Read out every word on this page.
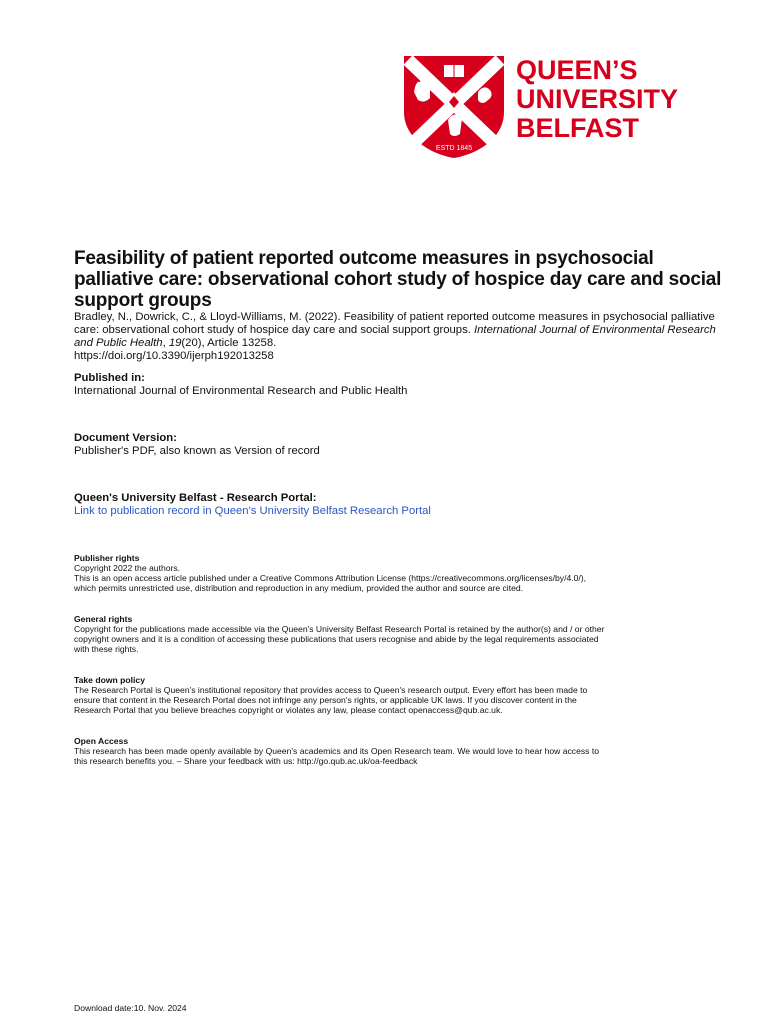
ESTD 1845
QUEEN’S
UNIVERSITY
BELFAST
Feasibility of patient reported outcome measures in psychosocial palliative care: observational cohort study of hospice day care and social support groups
Bradley, N., Dowrick, C., & Lloyd-Williams, M. (2022). Feasibility of patient reported outcome measures in psychosocial palliative care: observational cohort study of hospice day care and social support groups. International Journal of Environmental Research and Public Health, 19(20), Article 13258.
https://doi.org/10.3390/ijerph192013258
Published in:
International Journal of Environmental Research and Public Health
Document Version:
Publisher's PDF, also known as Version of record
Queen's University Belfast - Research Portal:
Link to publication record in Queen's University Belfast Research Portal
Publisher rights
Copyright 2022 the authors.
This is an open access article published under a Creative Commons Attribution License (https://creativecommons.org/licenses/by/4.0/),
which permits unrestricted use, distribution and reproduction in any medium, provided the author and source are cited.
General rights
Copyright for the publications made accessible via the Queen's University Belfast Research Portal is retained by the author(s) and / or other
copyright owners and it is a condition of accessing these publications that users recognise and abide by the legal requirements associated
with these rights.
Take down policy
The Research Portal is Queen's institutional repository that provides access to Queen's research output. Every effort has been made to
ensure that content in the Research Portal does not infringe any person's rights, or applicable UK laws. If you discover content in the
Research Portal that you believe breaches copyright or violates any law, please contact openaccess@qub.ac.uk.
Open Access
This research has been made openly available by Queen's academics and its Open Research team. We would love to hear how access to
this research benefits you. – Share your feedback with us: http://go.qub.ac.uk/oa-feedback
Download date:10. Nov. 2024
